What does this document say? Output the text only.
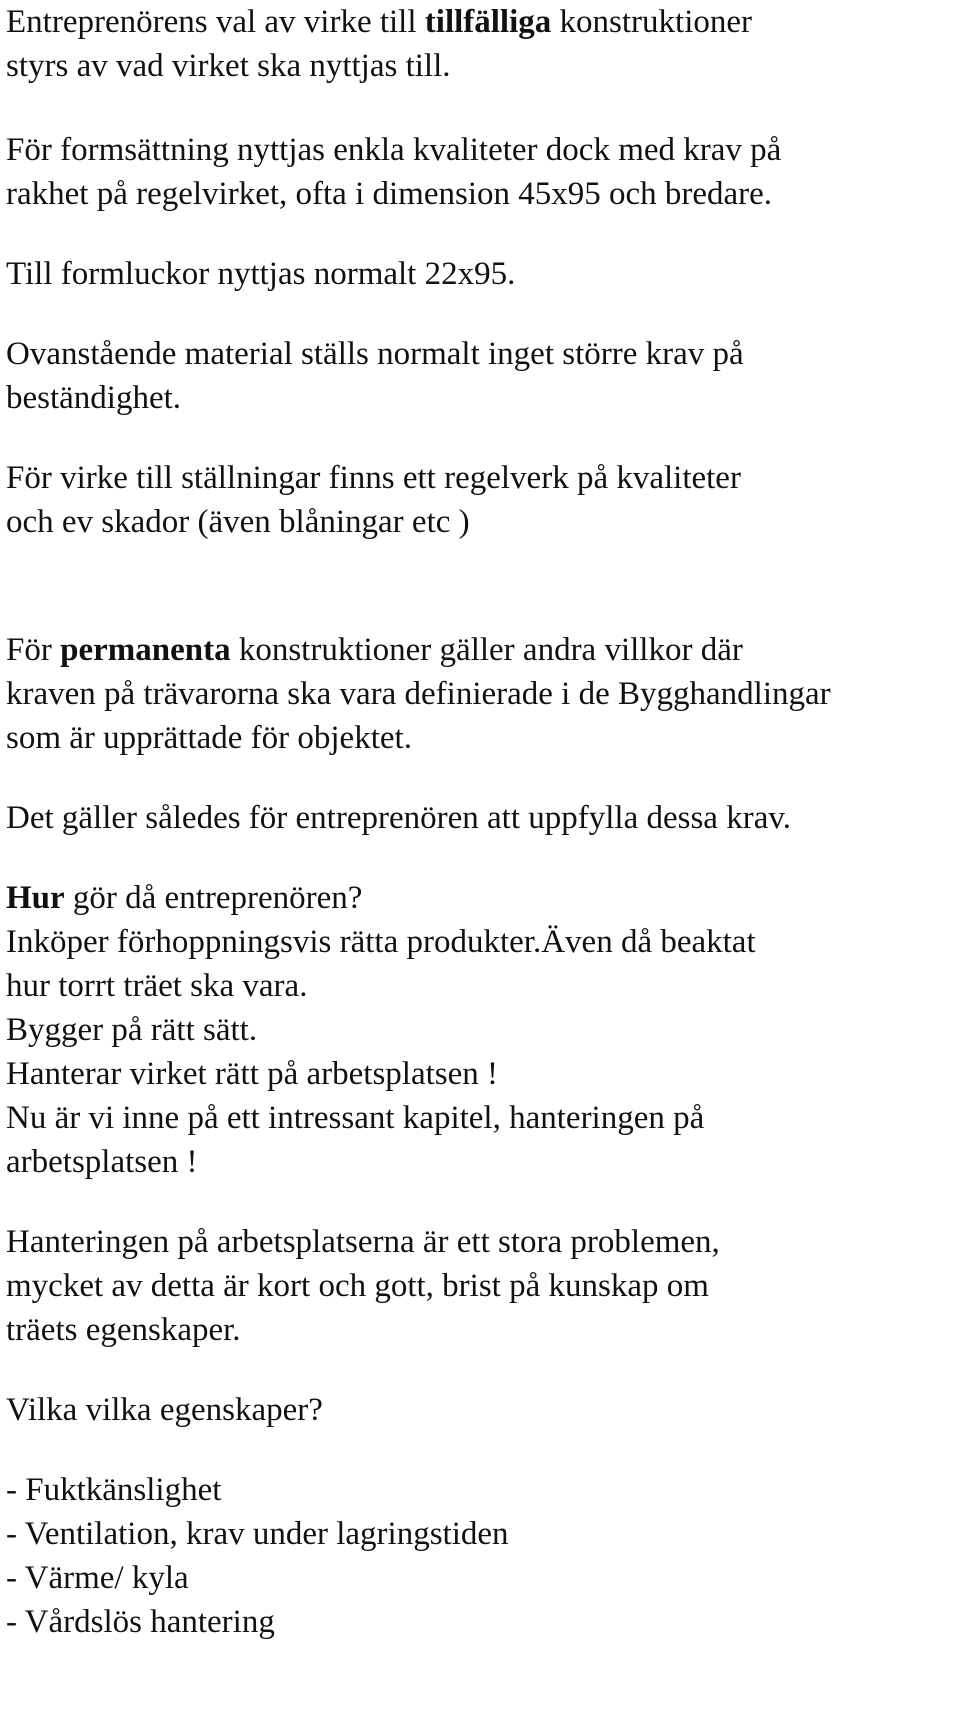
Entreprenörens val av virke till tillfälliga konstruktioner
styrs av vad virket ska nyttjas till.
För formsättning nyttjas enkla kvaliteter dock med krav på
rakhet på regelvirket, ofta i dimension 45x95 och bredare.
Till formluckor nyttjas normalt 22x95.
Ovanstående material ställs normalt inget större krav på
beständighet.
För virke till ställningar finns ett regelverk på kvaliteter
och ev skador (även blåningar etc )
För permanenta konstruktioner gäller andra villkor där
kraven på trävarorna ska vara definierade i de Bygghandlingar
som är upprättade för objektet.
Det gäller således för entreprenören att uppfylla dessa krav.
Hur gör då entreprenören?
Inköper förhoppningsvis rätta produkter.Även då beaktat
hur torrt träet ska vara.
Bygger på rätt sätt.
Hanterar virket rätt på arbetsplatsen !
Nu är vi inne på ett intressant kapitel, hanteringen på
arbetsplatsen !
Hanteringen på arbetsplatserna är ett stora problemen,
mycket av detta är kort och gott, brist på kunskap om
träets egenskaper.
Vilka vilka egenskaper?
- Fuktkänslighet
- Ventilation, krav under lagringstiden
- Värme/ kyla
- Vårdslös hantering
